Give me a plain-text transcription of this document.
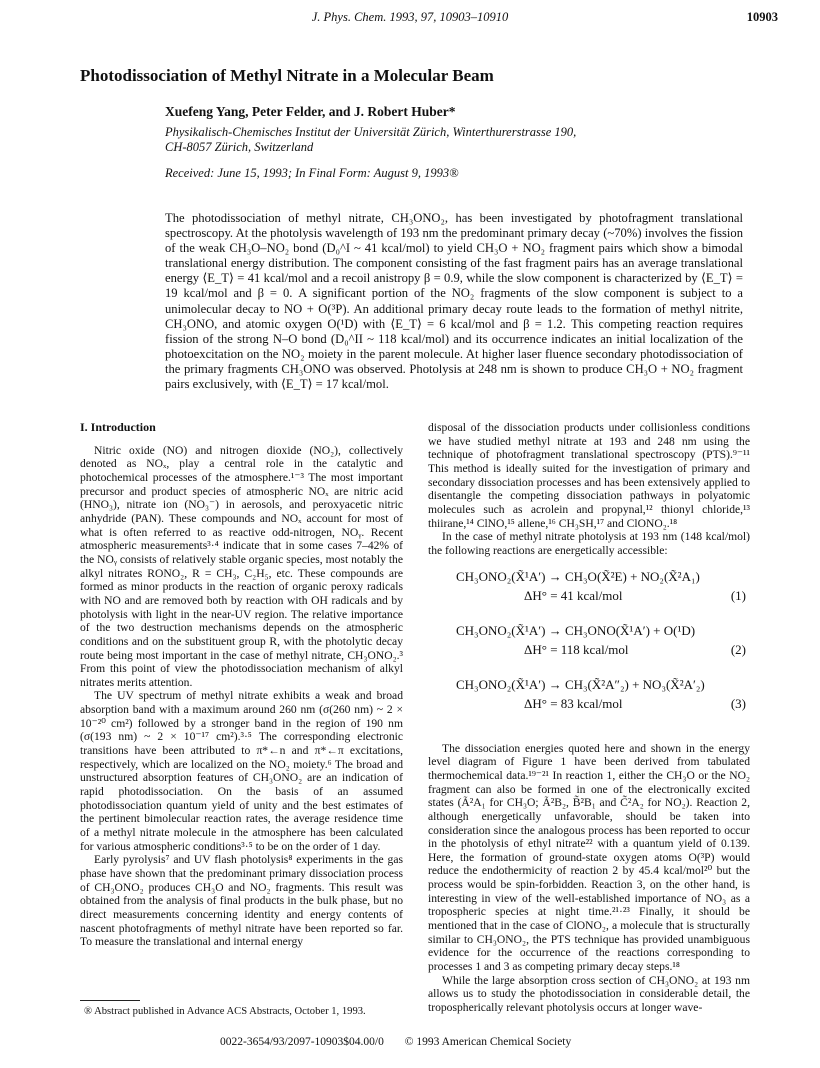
J. Phys. Chem. 1993, 97, 10903–10910	10903
Photodissociation of Methyl Nitrate in a Molecular Beam
Xuefeng Yang, Peter Felder, and J. Robert Huber*
Physikalisch-Chemisches Institut der Universität Zürich, Winterthurerstrasse 190,
CH-8057 Zürich, Switzerland
Received: June 15, 1993; In Final Form: August 9, 1993®

The photodissociation of methyl nitrate, CH₃ONO₂, has been investigated by photofragment translational spectroscopy. At the photolysis wavelength of 193 nm the predominant primary decay (~70%) involves the fission of the weak CH₃O–NO₂ bond (D₀^I ~ 41 kcal/mol) to yield CH₃O + NO₂ fragment pairs which show a bimodal translational energy distribution. The component consisting of the fast fragment pairs has an average translational energy ⟨E_T⟩ = 41 kcal/mol and a recoil anistropy β = 0.9, while the slow component is characterized by ⟨E_T⟩ = 19 kcal/mol and β = 0. A significant portion of the NO₂ fragments of the slow component is subject to a unimolecular decay to NO + O(³P). An additional primary decay route leads to the formation of methyl nitrite, CH₃ONO, and atomic oxygen O(¹D) with ⟨E_T⟩ = 6 kcal/mol and β = 1.2. This competing reaction requires fission of the strong N–O bond (D₀^II ~ 118 kcal/mol) and its occurrence indicates an initial localization of the photoexcitation on the NO₂ moiety in the parent molecule. At higher laser fluence secondary photodissociation of the primary fragments CH₃ONO was observed. Photolysis at 248 nm is shown to produce CH₃O + NO₂ fragment pairs exclusively, with ⟨E_T⟩ = 17 kcal/mol.

I. Introduction

Nitric oxide (NO) and nitrogen dioxide (NO₂), collectively denoted as NOₓ, play a central role in the catalytic and photochemical processes of the atmosphere.¹⁻³ The most important precursor and product species of atmospheric NOₓ are nitric acid (HNO₃), nitrate ion (NO₃⁻) in aerosols, and peroxyacetic nitric anhydride (PAN). These compounds and NOₓ account for most of what is often referred to as reactive odd-nitrogen, NOᵧ. Recent atmospheric measurements³·⁴ indicate that in some cases 7–42% of the NOᵧ consists of relatively stable organic species, most notably the alkyl nitrates RONO₂, R = CH₃, C₂H₅, etc. These compounds are formed as minor products in the reaction of organic peroxy radicals with NO and are removed both by reaction with OH radicals and by photolysis with light in the near-UV region. The relative importance of the two destruction mechanisms depends on the atmospheric conditions and on the substituent group R, with the photolytic decay route being most important in the case of methyl nitrate, CH₃ONO₂.³ From this point of view the photodissociation mechanism of alkyl nitrates merits attention.

The UV spectrum of methyl nitrate exhibits a weak and broad absorption band with a maximum around 260 nm (σ(260 nm) ~ 2 × 10⁻²⁰ cm²) followed by a stronger band in the region of 190 nm (σ(193 nm) ~ 2 × 10⁻¹⁷ cm²).³·⁵ The corresponding electronic transitions have been attributed to π*←n and π*←π excitations, respectively, which are localized on the NO₂ moiety.⁶ The broad and unstructured absorption features of CH₃ONO₂ are an indication of rapid photodissociation. On the basis of an assumed photodissociation quantum yield of unity and the best estimates of the pertinent bimolecular reaction rates, the average residence time of a methyl nitrate molecule in the atmosphere has been calculated for various atmospheric conditions³·⁵ to be on the order of 1 day.

Early pyrolysis⁷ and UV flash photolysis⁸ experiments in the gas phase have shown that the predominant primary dissociation process of CH₃ONO₂ produces CH₃O and NO₂ fragments. This result was obtained from the analysis of final products in the bulk phase, but no direct measurements concerning identity and energy contents of nascent photofragments of methyl nitrate have been reported so far. To measure the translational and internal energy

disposal of the dissociation products under collisionless conditions we have studied methyl nitrate at 193 and 248 nm using the technique of photofragment translational spectroscopy (PTS).⁹⁻¹¹ This method is ideally suited for the investigation of primary and secondary dissociation processes and has been extensively applied to disentangle the competing dissociation pathways in polyatomic molecules such as acrolein and propynal,¹² thionyl chloride,¹³ thiirane,¹⁴ ClNO,¹⁵ allene,¹⁶ CH₃SH,¹⁷ and ClONO₂.¹⁸

In the case of methyl nitrate photolysis at 193 nm (148 kcal/mol) the following reactions are energetically accessible:

CH₃ONO₂(X̃¹A′) → CH₃O(X̃²E) + NO₂(X̃²A₁)
ΔH° = 41 kcal/mol	(1)
CH₃ONO₂(X̃¹A′) → CH₃ONO(X̃¹A′) + O(¹D)
ΔH° = 118 kcal/mol	(2)
CH₃ONO₂(X̃¹A′) → CH₃(X̃²A″₂) + NO₃(X̃²A′₂)
ΔH° = 83 kcal/mol	(3)

The dissociation energies quoted here and shown in the energy level diagram of Figure 1 have been derived from tabulated thermochemical data.¹⁹⁻²¹ In reaction 1, either the CH₃O or the NO₂ fragment can also be formed in one of the electronically excited states (Ã²A₁ for CH₃O; Ã²B₂, B̃²B₁ and C̃²A₂ for NO₂). Reaction 2, although energetically unfavorable, should be taken into consideration since the analogous process has been reported to occur in the photolysis of ethyl nitrate²² with a quantum yield of 0.139. Here, the formation of ground-state oxygen atoms O(³P) would reduce the endothermicity of reaction 2 by 45.4 kcal/mol²⁰ but the process would be spin-forbidden. Reaction 3, on the other hand, is interesting in view of the well-established importance of NO₃ as a tropospheric species at night time.²¹·²³ Finally, it should be mentioned that in the case of ClONO₂, a molecule that is structurally similar to CH₃ONO₂, the PTS technique has provided unambiguous evidence for the occurrence of the reactions corresponding to processes 1 and 3 as competing primary decay steps.¹⁸

While the large absorption cross section of CH₃ONO₂ at 193 nm allows us to study the photodissociation in considerable detail, the tropospherically relevant photolysis occurs at longer wave-

® Abstract published in Advance ACS Abstracts, October 1, 1993.
0022-3654/93/2097-10903$04.00/0 © 1993 American Chemical Society
